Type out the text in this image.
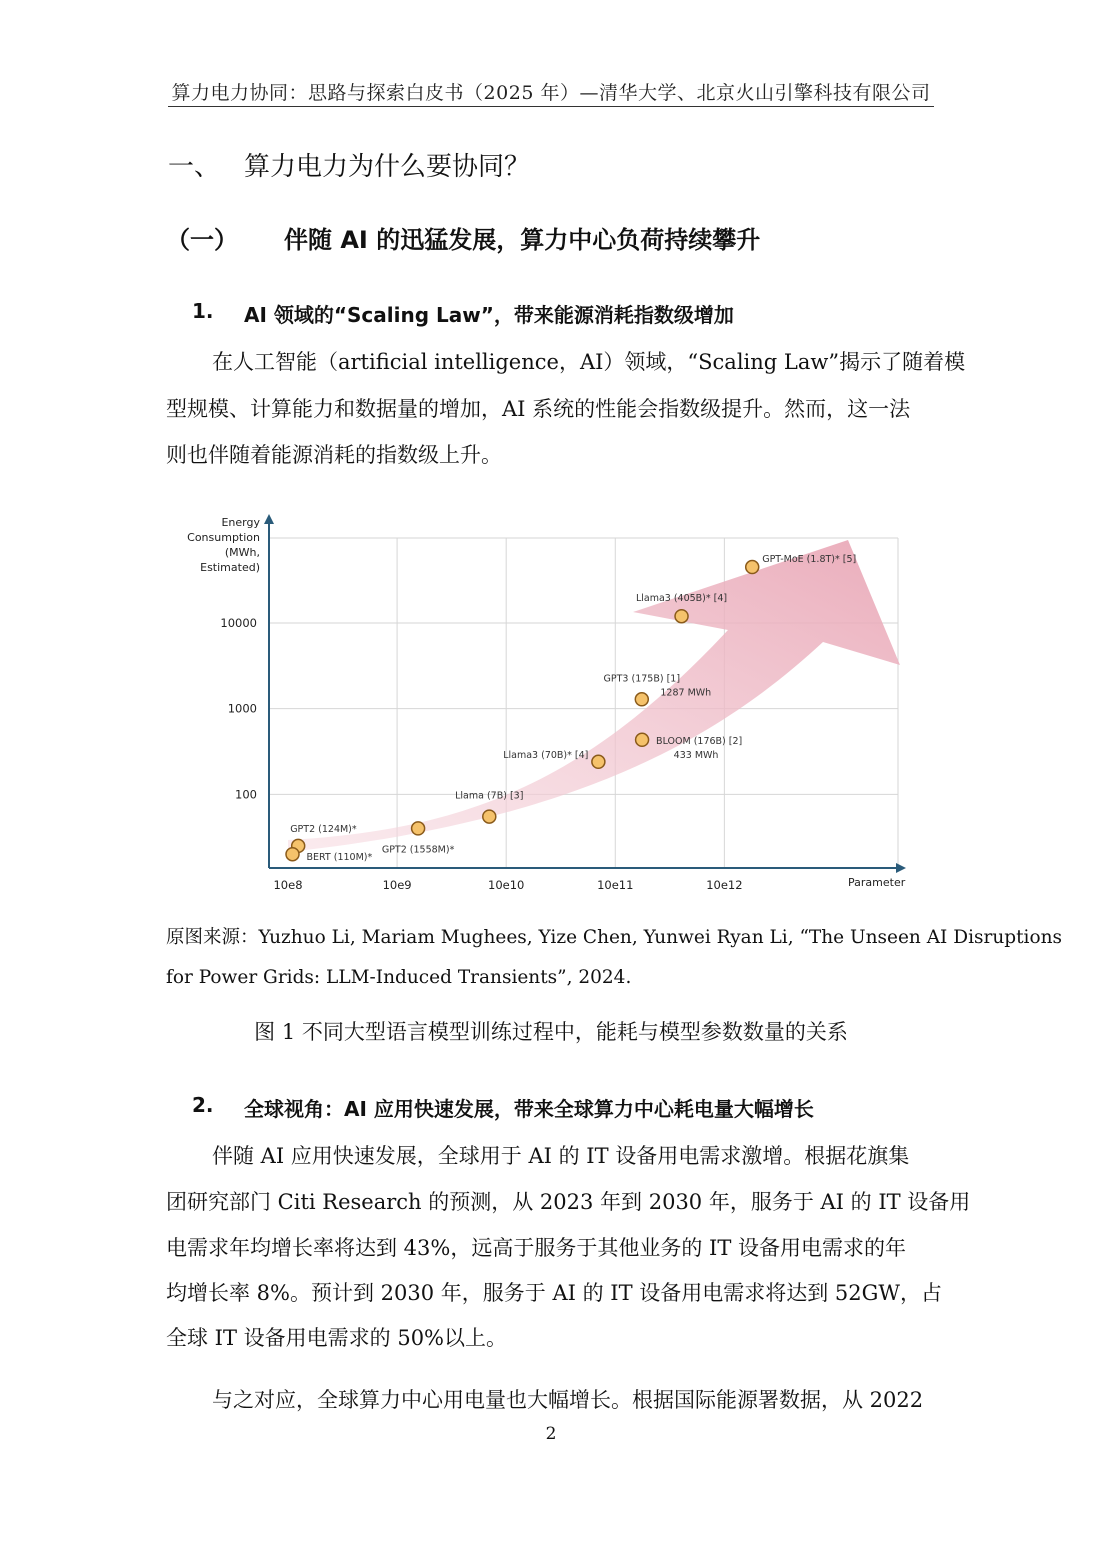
算力电力协同：思路与探索白皮书（2025 年）—清华大学、北京火山引擎科技有限公司
一、 算力电力为什么要协同？
（一） 伴随 AI 的迅猛发展，算力中心负荷持续攀升
1. AI 领域的“Scaling Law”，带来能源消耗指数级增加
在人工智能（artificial intelligence，AI）领域，“Scaling Law”揭示了随着模
型规模、计算能力和数据量的增加，AI 系统的性能会指数级提升。然而，这一法
则也伴随着能源消耗的指数级上升。
Energy
Consumption
(MWh,
Estimated)
Parameter
100
1000
10000
10e8	10e9	10e10	10e11	10e12
GPT2 (124M)*
BERT (110M)*
GPT2 (1558M)*
Llama (7B) [3]
Llama3 (70B)* [4]
GPT3 (175B) [1]
1287 MWh
BLOOM (176B) [2]
433 MWh
Llama3 (405B)* [4]
GPT-MoE (1.8T)* [5]
原图来源：Yuzhuo Li, Mariam Mughees, Yize Chen, Yunwei Ryan Li, “The Unseen AI Disruptions
for Power Grids: LLM-Induced Transients”, 2024.
图 1 不同大型语言模型训练过程中，能耗与模型参数数量的关系
2. 全球视角：AI 应用快速发展，带来全球算力中心耗电量大幅增长
伴随 AI 应用快速发展，全球用于 AI 的 IT 设备用电需求激增。根据花旗集
团研究部门 Citi Research 的预测，从 2023 年到 2030 年，服务于 AI 的 IT 设备用
电需求年均增长率将达到 43%，远高于服务于其他业务的 IT 设备用电需求的年
均增长率 8%。预计到 2030 年，服务于 AI 的 IT 设备用电需求将达到 52GW，占
全球 IT 设备用电需求的 50%以上。
与之对应，全球算力中心用电量也大幅增长。根据国际能源署数据，从 2022
2
